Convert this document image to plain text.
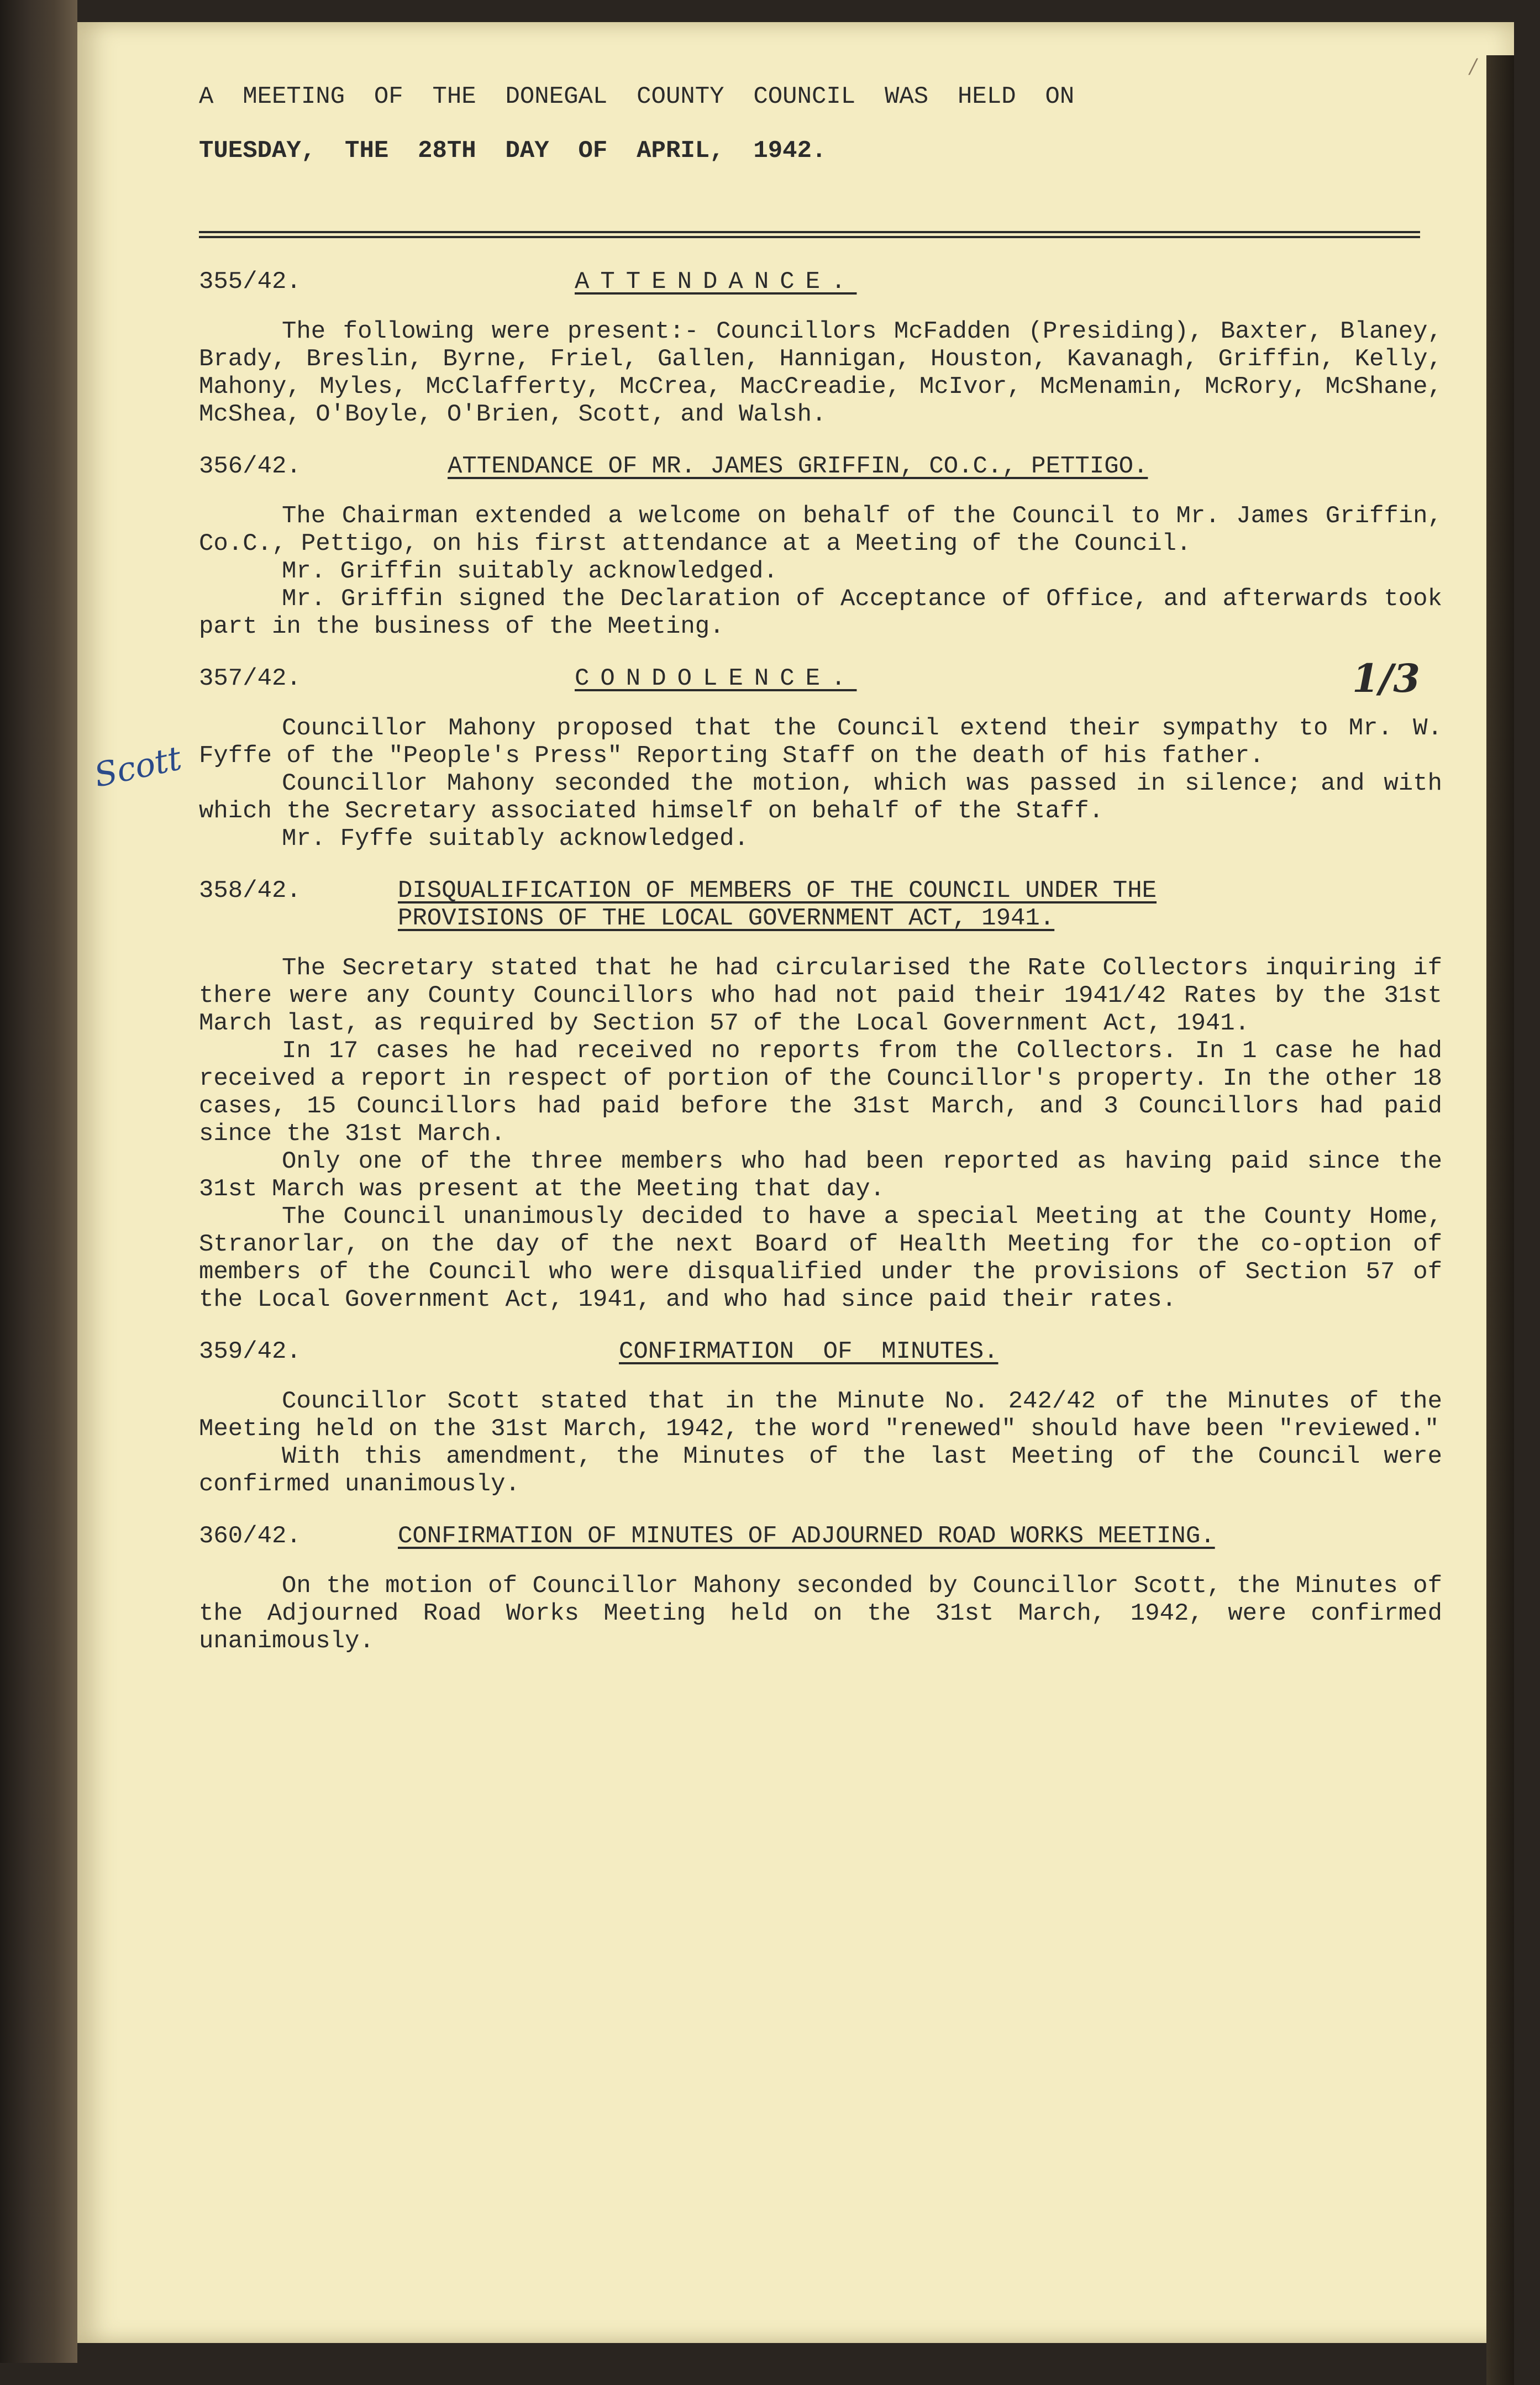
/

A  MEETING  OF  THE  DONEGAL  COUNTY  COUNCIL  WAS  HELD  ON

TUESDAY,  THE  28TH  DAY  OF  APRIL,  1942.

355/42.	ATTENDANCE.

The following were present:- Councillors McFadden (Presiding), Baxter, Blaney, Brady, Breslin, Byrne, Friel, Gallen, Hannigan, Houston, Kavanagh, Griffin, Kelly, Mahony, Myles, McClafferty, McCrea, MacCreadie, McIvor, McMenamin, McRory, McShane, McShea, O'Boyle, O'Brien, Scott, and Walsh.

356/42.	ATTENDANCE OF MR. JAMES GRIFFIN, CO.C., PETTIGO.

The Chairman extended a welcome on behalf of the Council to Mr. James Griffin, Co.C., Pettigo, on his first attendance at a Meeting of the Council.

Mr. Griffin suitably acknowledged.

Mr. Griffin signed the Declaration of Acceptance of Office, and afterwards took part in the business of the Meeting.

357/42.	CONDOLENCE.	1/3
Scott

Councillor Mahony proposed that the Council extend their sympathy to Mr. W. Fyffe of the "People's Press" Reporting Staff on the death of his father.

Councillor Mahony seconded the motion, which was passed in silence; and with which the Secretary associated himself on behalf of the Staff.

Mr. Fyffe suitably acknowledged.

358/42.	DISQUALIFICATION OF MEMBERS OF THE COUNCIL UNDER THE PROVISIONS OF THE LOCAL GOVERNMENT ACT, 1941.

The Secretary stated that he had circularised the Rate Collectors inquiring if there were any County Councillors who had not paid their 1941/42 Rates by the 31st March last, as required by Section 57 of the Local Government Act, 1941.

In 17 cases he had received no reports from the Collectors. In 1 case he had received a report in respect of portion of the Councillor's property. In the other 18 cases, 15 Councillors had paid before the 31st March, and 3 Councillors had paid since the 31st March.

Only one of the three members who had been reported as having paid since the 31st March was present at the Meeting that day.

The Council unanimously decided to have a special Meeting at the County Home, Stranorlar, on the day of the next Board of Health Meeting for the co-option of members of the Council who were disqualified under the provisions of Section 57 of the Local Government Act, 1941, and who had since paid their rates.

359/42.	CONFIRMATION  OF  MINUTES.

Councillor Scott stated that in the Minute No. 242/42 of the Minutes of the Meeting held on the 31st March, 1942, the word "renewed" should have been "reviewed."

With this amendment, the Minutes of the last Meeting of the Council were confirmed unanimously.

360/42.	CONFIRMATION OF MINUTES OF ADJOURNED ROAD WORKS MEETING.

On the motion of Councillor Mahony seconded by Councillor Scott, the Minutes of the Adjourned Road Works Meeting held on the 31st March, 1942, were confirmed unanimously.
